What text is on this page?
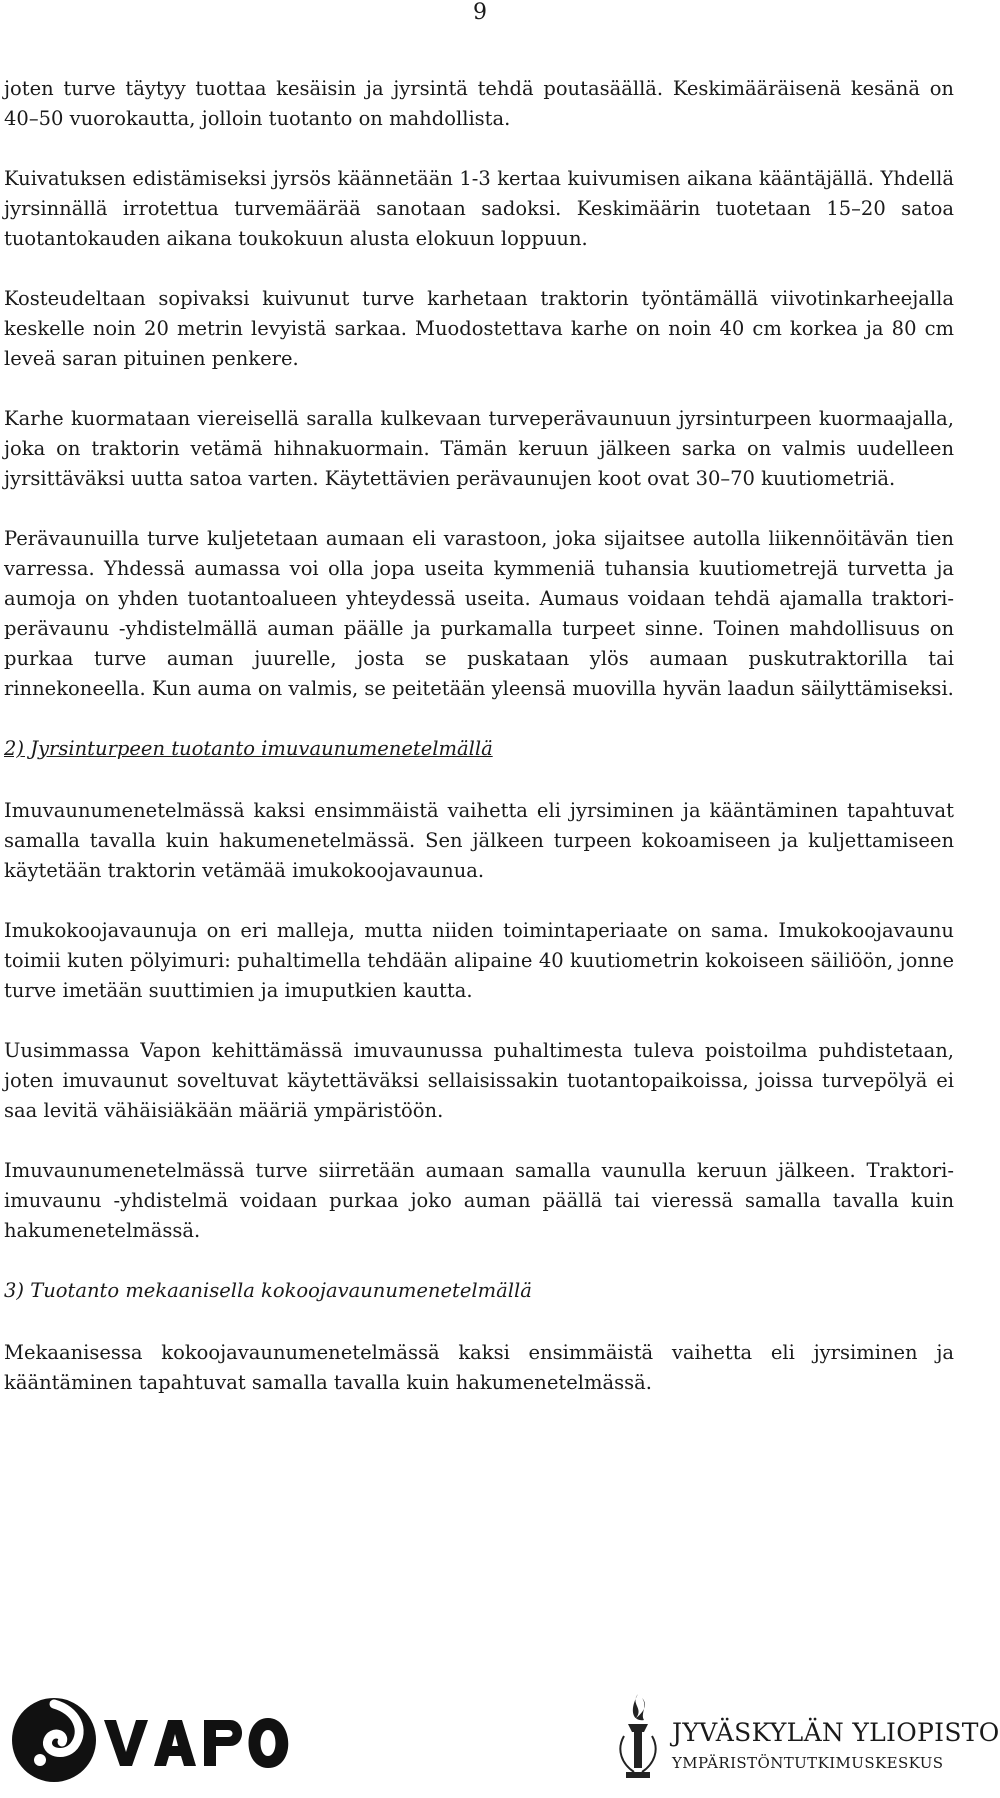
9

joten turve täytyy tuottaa kesäisin ja jyrsintä tehdä poutasäällä. Keskimääräisenä kesänä on 40–50 vuorokautta, jolloin tuotanto on mahdollista.

Kuivatuksen edistämiseksi jyrsös käännetään 1-3 kertaa kuivumisen aikana kääntäjällä. Yhdellä jyrsinnällä irrotettua turvemäärää sanotaan sadoksi. Keskimäärin tuotetaan 15–20 satoa tuotantokauden aikana toukokuun alusta elokuun loppuun.

Kosteudeltaan sopivaksi kuivunut turve karhetaan traktorin työntämällä viivotinkarheejalla keskelle noin 20 metrin levyistä sarkaa. Muodostettava karhe on noin 40 cm korkea ja 80 cm leveä saran pituinen penkere.

Karhe kuormataan viereisellä saralla kulkevaan turveperävaunuun jyrsinturpeen kuormaajalla, joka on traktorin vetämä hihnakuormain. Tämän keruun jälkeen sarka on valmis uudelleen jyrsittäväksi uutta satoa varten. Käytettävien perävaunujen koot ovat 30–70 kuutiometriä.

Perävaunuilla turve kuljetetaan aumaan eli varastoon, joka sijaitsee autolla liikennöitävän tien varressa. Yhdessä aumassa voi olla jopa useita kymmeniä tuhansia kuutiometrejä turvetta ja aumoja on yhden tuotantoalueen yhteydessä useita. Aumaus voidaan tehdä ajamalla traktori-perävaunu -yhdistelmällä auman päälle ja purkamalla turpeet sinne. Toinen mahdollisuus on purkaa turve auman juurelle, josta se puskataan ylös aumaan puskutraktorilla tai rinnekoneella. Kun auma on valmis, se peitetään yleensä muovilla hyvän laadun säilyttämiseksi.

2) Jyrsinturpeen tuotanto imuvaunumenetelmällä

Imuvaunumenetelmässä kaksi ensimmäistä vaihetta eli jyrsiminen ja kääntäminen tapahtuvat samalla tavalla kuin hakumenetelmässä. Sen jälkeen turpeen kokoamiseen ja kuljettamiseen käytetään traktorin vetämää imukokoojavaunua.

Imukokoojavaunuja on eri malleja, mutta niiden toimintaperiaate on sama. Imukokoojavaunu toimii kuten pölyimuri: puhaltimella tehdään alipaine 40 kuutiometrin kokoiseen säiliöön, jonne turve imetään suuttimien ja imuputkien kautta.

Uusimmassa Vapon kehittämässä imuvaunussa puhaltimesta tuleva poistoilma puhdistetaan, joten imuvaunut soveltuvat käytettäväksi sellaisissakin tuotantopaikoissa, joissa turvepölyä ei saa levitä vähäisiäkään määriä ympäristöön.

Imuvaunumenetelmässä turve siirretään aumaan samalla vaunulla keruun jälkeen. Traktori-imuvaunu -yhdistelmä voidaan purkaa joko auman päällä tai vieressä samalla tavalla kuin hakumenetelmässä.

3) Tuotanto mekaanisella kokoojavaunumenetelmällä

Mekaanisessa kokoojavaunumenetelmässä kaksi ensimmäistä vaihetta eli jyrsiminen ja kääntäminen tapahtuvat samalla tavalla kuin hakumenetelmässä.

JYVÄSKYLÄN YLIOPISTO
YMPÄRISTÖNTUTKIMUSKESKUS
